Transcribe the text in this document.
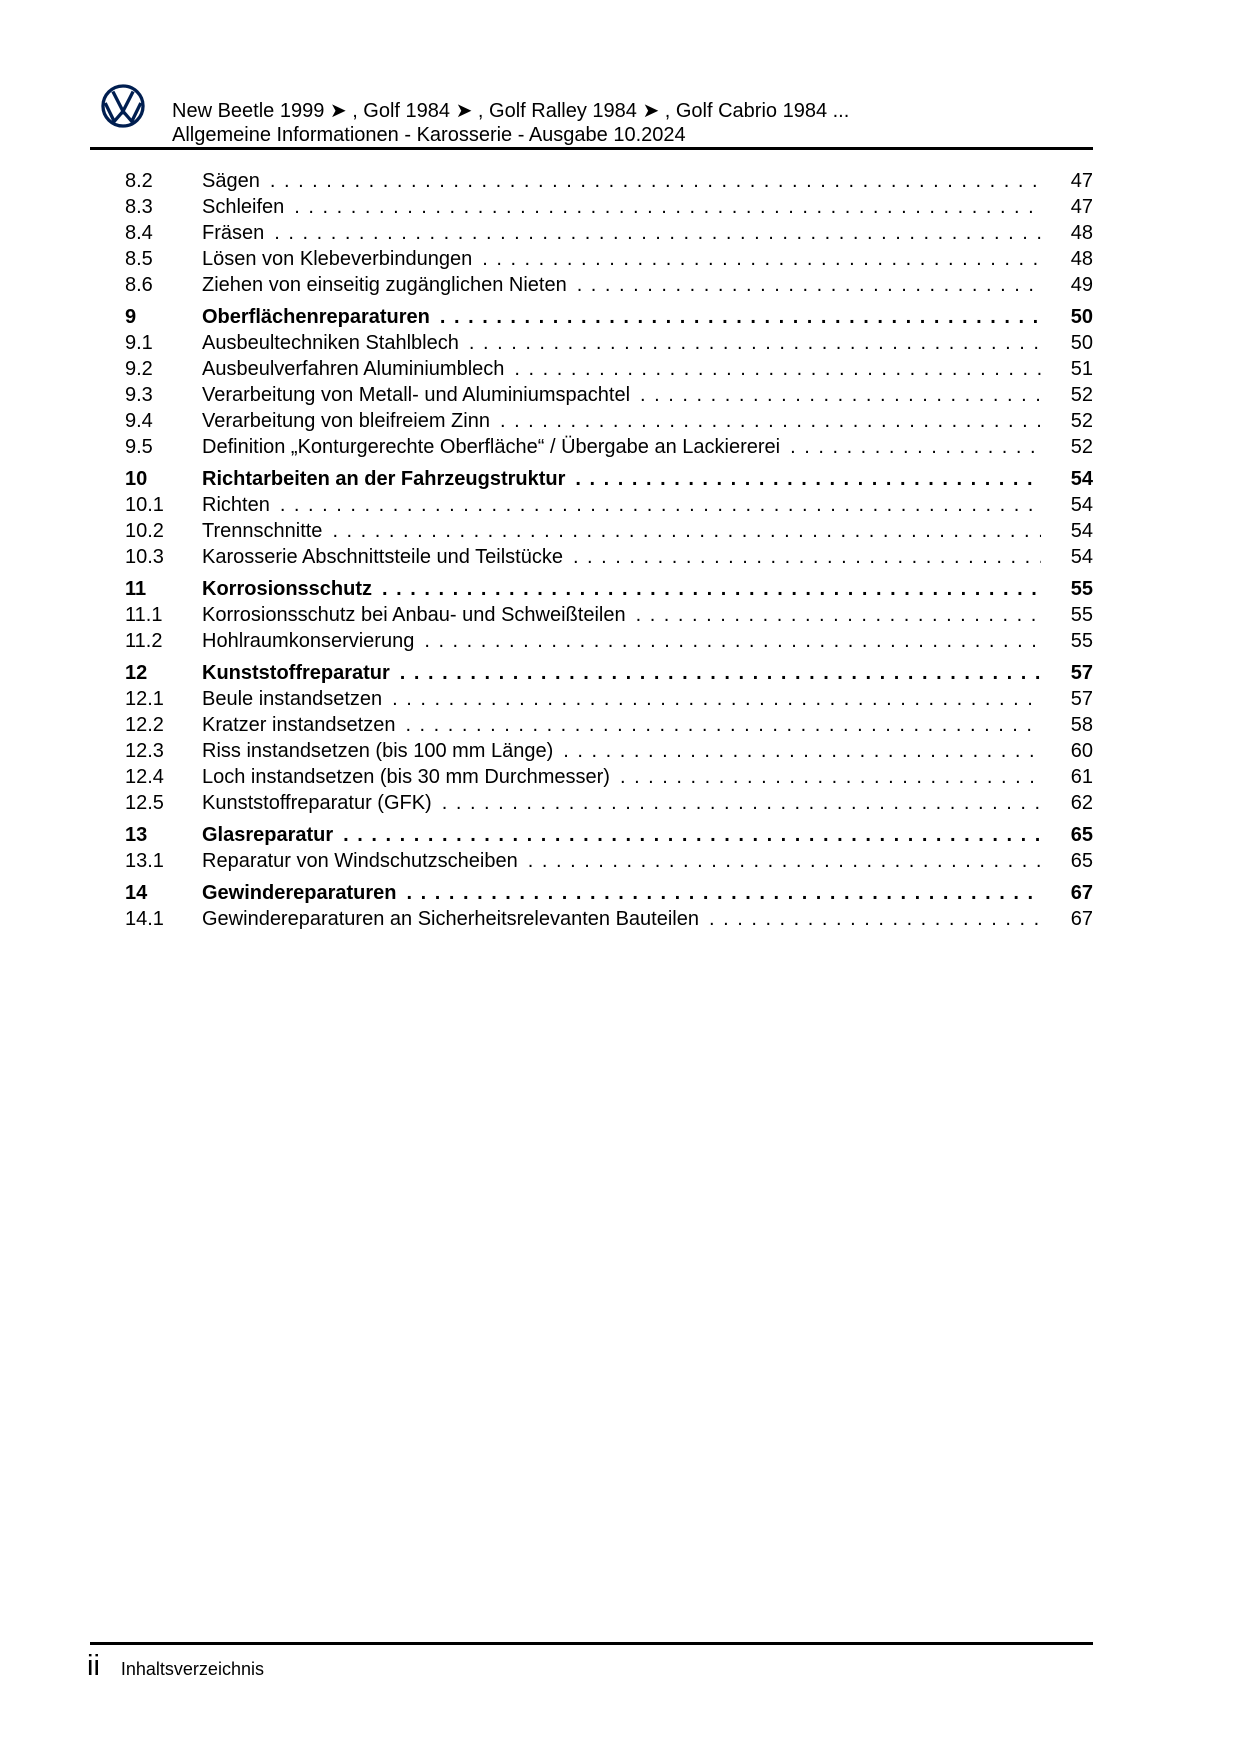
New Beetle 1999 ➤ , Golf 1984 ➤ , Golf Ralley 1984 ➤ , Golf Cabrio 1984 ...
Allgemeine Informationen - Karosserie - Ausgabe 10.2024
8.2	Sägen . . .	47
8.3	Schleifen . . .	47
8.4	Fräsen . . .	48
8.5	Lösen von Klebeverbindungen . . .	48
8.6	Ziehen von einseitig zugänglichen Nieten . . .	49
9	Oberflächenreparaturen . . .	50
9.1	Ausbeultechniken Stahlblech . . .	50
9.2	Ausbeulverfahren Aluminiumblech . . .	51
9.3	Verarbeitung von Metall- und Aluminiumspachtel . . .	52
9.4	Verarbeitung von bleifreiem Zinn . . .	52
9.5	Definition „Konturgerechte Oberfläche“ / Übergabe an Lackiererei . . .	52
10	Richtarbeiten an der Fahrzeugstruktur . . .	54
10.1	Richten . . .	54
10.2	Trennschnitte . . .	54
10.3	Karosserie Abschnittsteile und Teilstücke . . .	54
11	Korrosionsschutz . . .	55
11.1	Korrosionsschutz bei Anbau- und Schweißteilen . . .	55
11.2	Hohlraumkonservierung . . .	55
12	Kunststoffreparatur . . .	57
12.1	Beule instandsetzen . . .	57
12.2	Kratzer instandsetzen . . .	58
12.3	Riss instandsetzen (bis 100 mm Länge) . . .	60
12.4	Loch instandsetzen (bis 30 mm Durchmesser) . . .	61
12.5	Kunststoffreparatur (GFK) . . .	62
13	Glasreparatur . . .	65
13.1	Reparatur von Windschutzscheiben . . .	65
14	Gewindereparaturen . . .	67
14.1	Gewindereparaturen an Sicherheitsrelevanten Bauteilen . . .	67
ii Inhaltsverzeichnis
